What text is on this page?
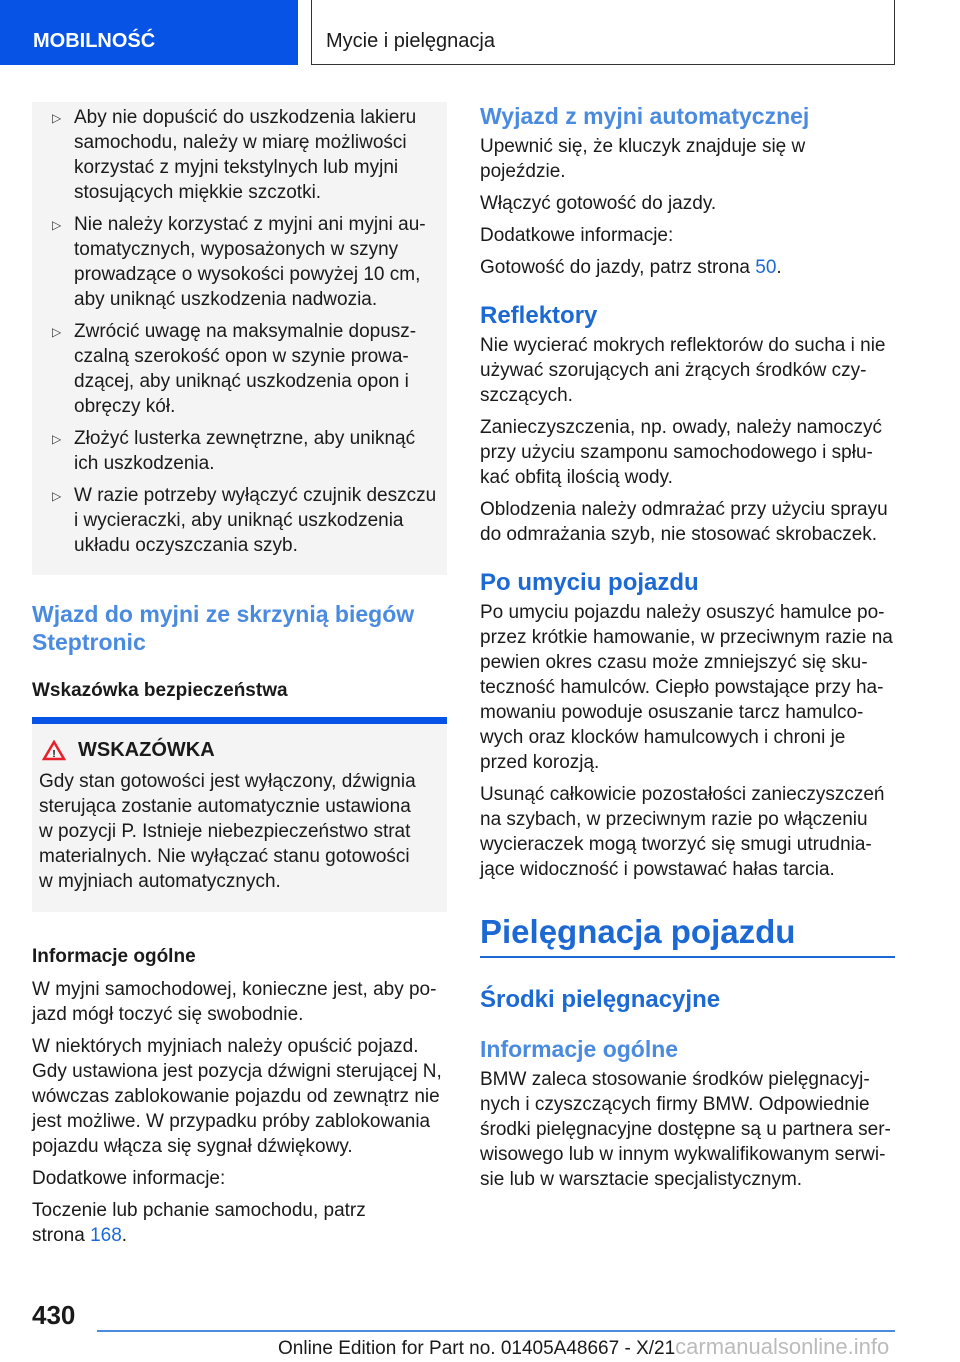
MOBILNOŚĆ	Mycie i pielęgnacja
▷ Aby nie dopuścić do uszkodzenia lakieru
samochodu, należy w miarę możliwości
korzystać z myjni tekstylnych lub myjni
stosujących miękkie szczotki.
▷ Nie należy korzystać z myjni ani myjni au-
tomatycznych, wyposażonych w szyny
prowadzące o wysokości powyżej 10 cm,
aby uniknąć uszkodzenia nadwozia.
▷ Zwrócić uwagę na maksymalnie dopusz-
czalną szerokość opon w szynie prowa-
dzącej, aby uniknąć uszkodzenia opon i
obręczy kół.
▷ Złożyć lusterka zewnętrzne, aby uniknąć
ich uszkodzenia.
▷ W razie potrzeby wyłączyć czujnik deszczu
i wycieraczki, aby uniknąć uszkodzenia
układu oczyszczania szyb.
Wjazd do myjni ze skrzynią biegów
Steptronic
Wskazówka bezpieczeństwa
! WSKAZÓWKA

Gdy stan gotowości jest wyłączony, dźwignia
sterująca zostanie automatycznie ustawiona
w pozycji P. Istnieje niebezpieczeństwo strat
materialnych. Nie wyłączać stanu gotowości
w myjniach automatycznych.

Informacje ogólne

W myjni samochodowej, konieczne jest, aby po-
jazd mógł toczyć się swobodnie.

W niektórych myjniach należy opuścić pojazd.
Gdy ustawiona jest pozycja dźwigni sterującej N,
wówczas zablokowanie pojazdu od zewnątrz nie
jest możliwe. W przypadku próby zablokowania
pojazdu włącza się sygnał dźwiękowy.

Dodatkowe informacje:

Toczenie lub pchanie samochodu, patrz
strona 168.

Wyjazd z myjni automatycznej

Upewnić się, że kluczyk znajduje się w pojeździe.

Włączyć gotowość do jazdy.

Dodatkowe informacje:

Gotowość do jazdy, patrz strona 50.

Reflektory

Nie wycierać mokrych reflektorów do sucha i nie
używać szorujących ani żrących środków czy-
szczących.

Zanieczyszczenia, np. owady, należy namoczyć
przy użyciu szamponu samochodowego i spłu-
kać obfitą ilością wody.

Oblodzenia należy odmrażać przy użyciu sprayu
do odmrażania szyb, nie stosować skrobaczek.

Po umyciu pojazdu

Po umyciu pojazdu należy osuszyć hamulce po-
przez krótkie hamowanie, w przeciwnym razie na
pewien okres czasu może zmniejszyć się sku-
teczność hamulców. Ciepło powstające przy ha-
mowaniu powoduje osuszanie tarcz hamulco-
wych oraz klocków hamulcowych i chroni je
przed korozją.

Usunąć całkowicie pozostałości zanieczyszczeń
na szybach, w przeciwnym razie po włączeniu
wycieraczek mogą tworzyć się smugi utrudnia-
jące widoczność i powstawać hałas tarcia.

Pielęgnacja pojazdu
Środki pielęgnacyjne
Informacje ogólne

BMW zaleca stosowanie środków pielęgnacyj-
nych i czyszczących firmy BMW. Odpowiednie
środki pielęgnacyjne dostępne są u partnera ser-
wisowego lub w innym wykwalifikowanym serwi-
sie lub w warsztacie specjalistycznym.

430
Online Edition for Part no. 01405A48667 - X/21carmanualsonline.info
